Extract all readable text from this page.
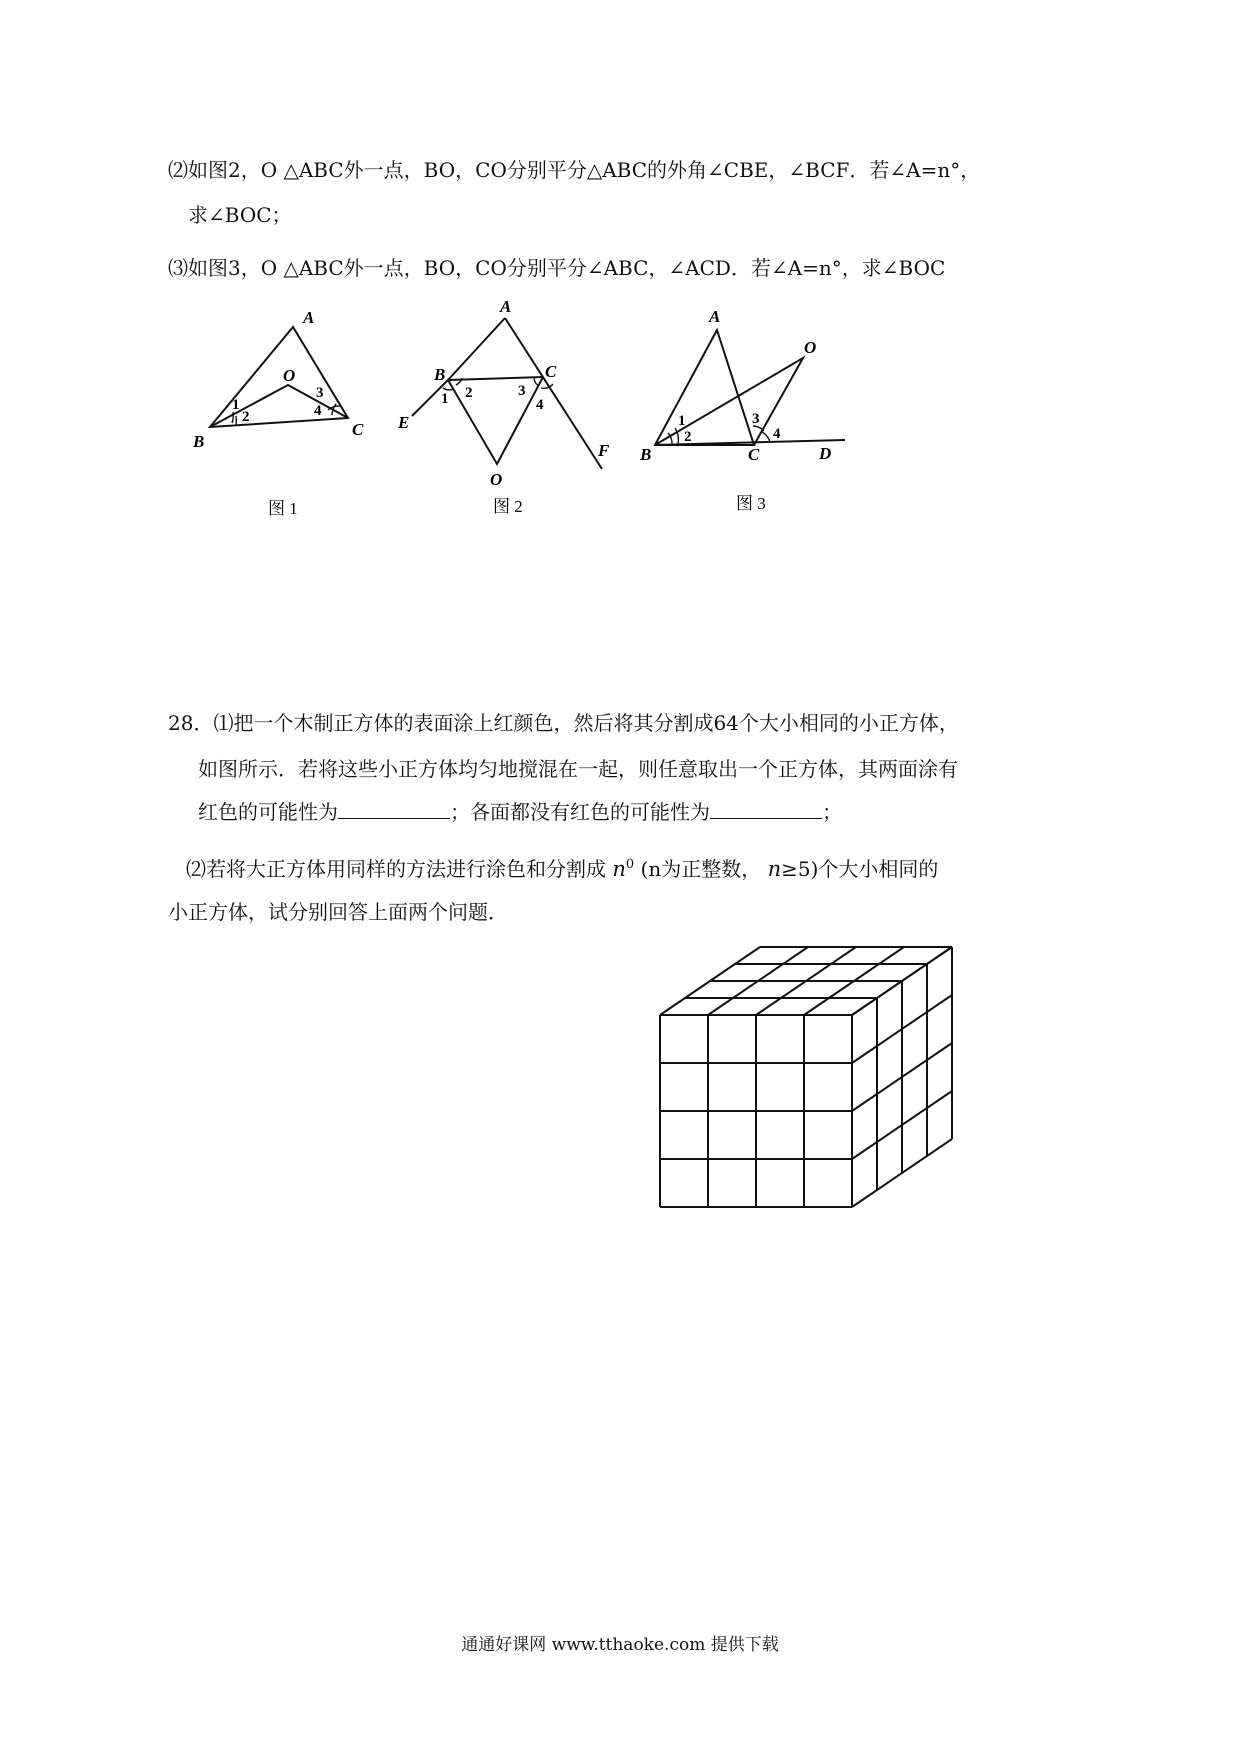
⑵如图2，O △ABC外一点，BO，CO分别平分△ABC的外角∠CBE，∠BCF．若∠A=n°，
求∠BOC；
⑶如图3，O △ABC外一点，BO，CO分别平分∠ABC，∠ACD．若∠A=n°，求∠BOC
A
B
C
O
1
2
3
4
图 1
A
B	C
O
E
F
1 2	3
4
图 2
A
B	C
O
D
1
2
3
4
图 3
28．⑴把一个木制正方体的表面涂上红颜色，然后将其分割成64个大小相同的小正方体，
如图所示．若将这些小正方体均匀地搅混在一起，则任意取出一个正方体，其两面涂有
红色的可能性为	；各面都没有红色的可能性为	；
⑵若将大正方体用同样的方法进行涂色和分割成 $n^0$ (n为正整数， n≥5)个大小相同的
小正方体，试分别回答上面两个问题．
通通好课网 www.tthaoke.com 提供下载
